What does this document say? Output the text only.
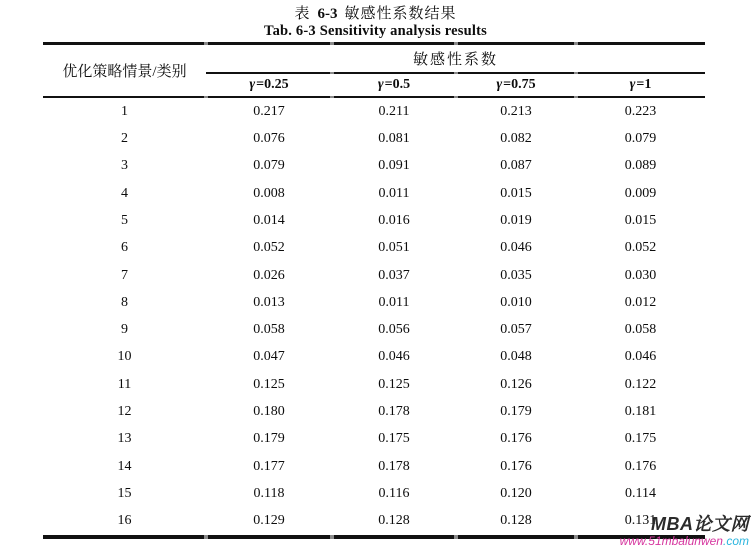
表 6-3 敏感性系数结果
Tab. 6-3 Sensitivity analysis results
优化策略情景/类别
敏感性系数
γ =0.25	γ =0.5	γ =0.75	γ =1
1	0.217	0.211	0.213	0.223
2	0.076	0.081	0.082	0.079
3	0.079	0.091	0.087	0.089
4	0.008	0.011	0.015	0.009
5	0.014	0.016	0.019	0.015
6	0.052	0.051	0.046	0.052
7	0.026	0.037	0.035	0.030
8	0.013	0.011	0.010	0.012
9	0.058	0.056	0.057	0.058
10	0.047	0.046	0.048	0.046
11	0.125	0.125	0.126	0.122
12	0.180	0.178	0.179	0.181
13	0.179	0.175	0.176	0.175
14	0.177	0.178	0.176	0.176
15	0.118	0.116	0.120	0.114
16	0.129	0.128	0.128	0.131
MBA论文网
www.51mbalunwen.com
